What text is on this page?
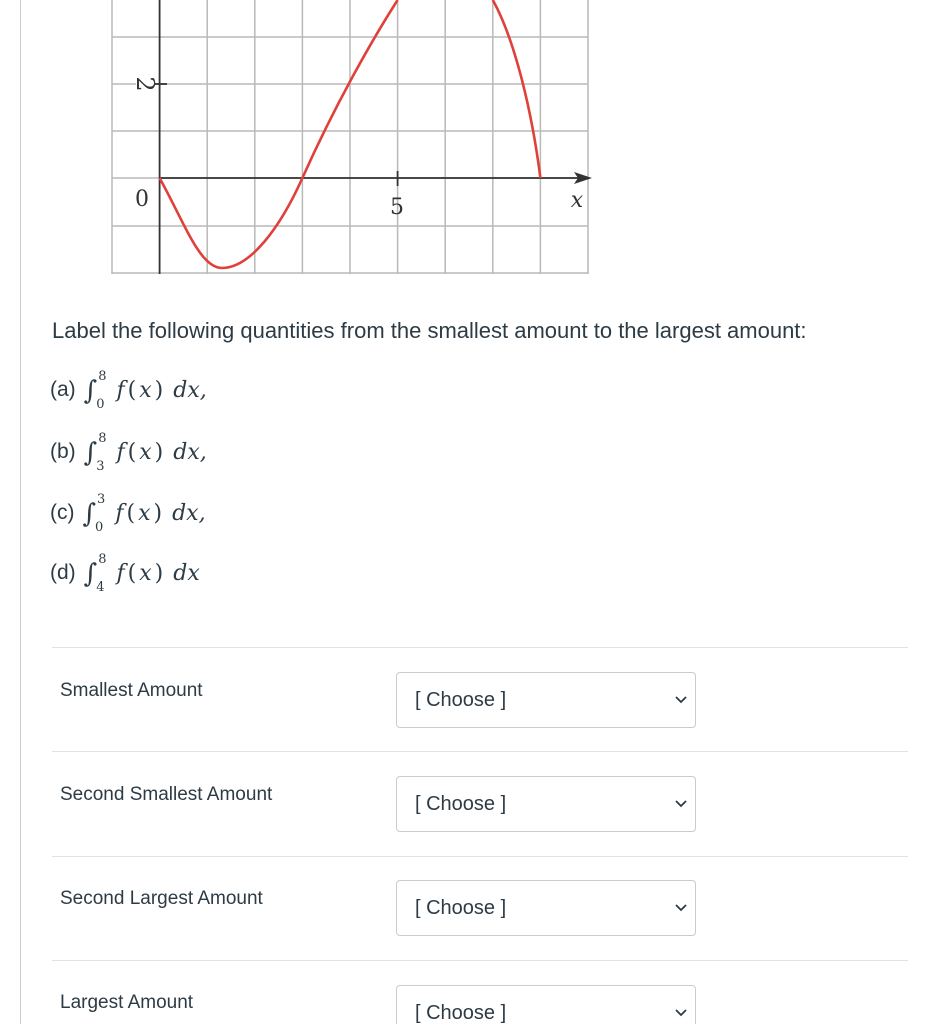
2
0	5	x

Label the following quantities from the smallest amount to the largest amount:

(a) ∫ 8
0
f ( x )
dx ,
(b) ∫ 8
3
f ( x )
dx ,
(c) ∫ 3
0
f ( x )
dx ,
(d) ∫ 8
4
f ( x )
dx
Smallest Amount	[ Choose ]
Second Smallest Amount	[ Choose ]
Second Largest Amount	[ Choose ]
Largest Amount	[ Choose ]
